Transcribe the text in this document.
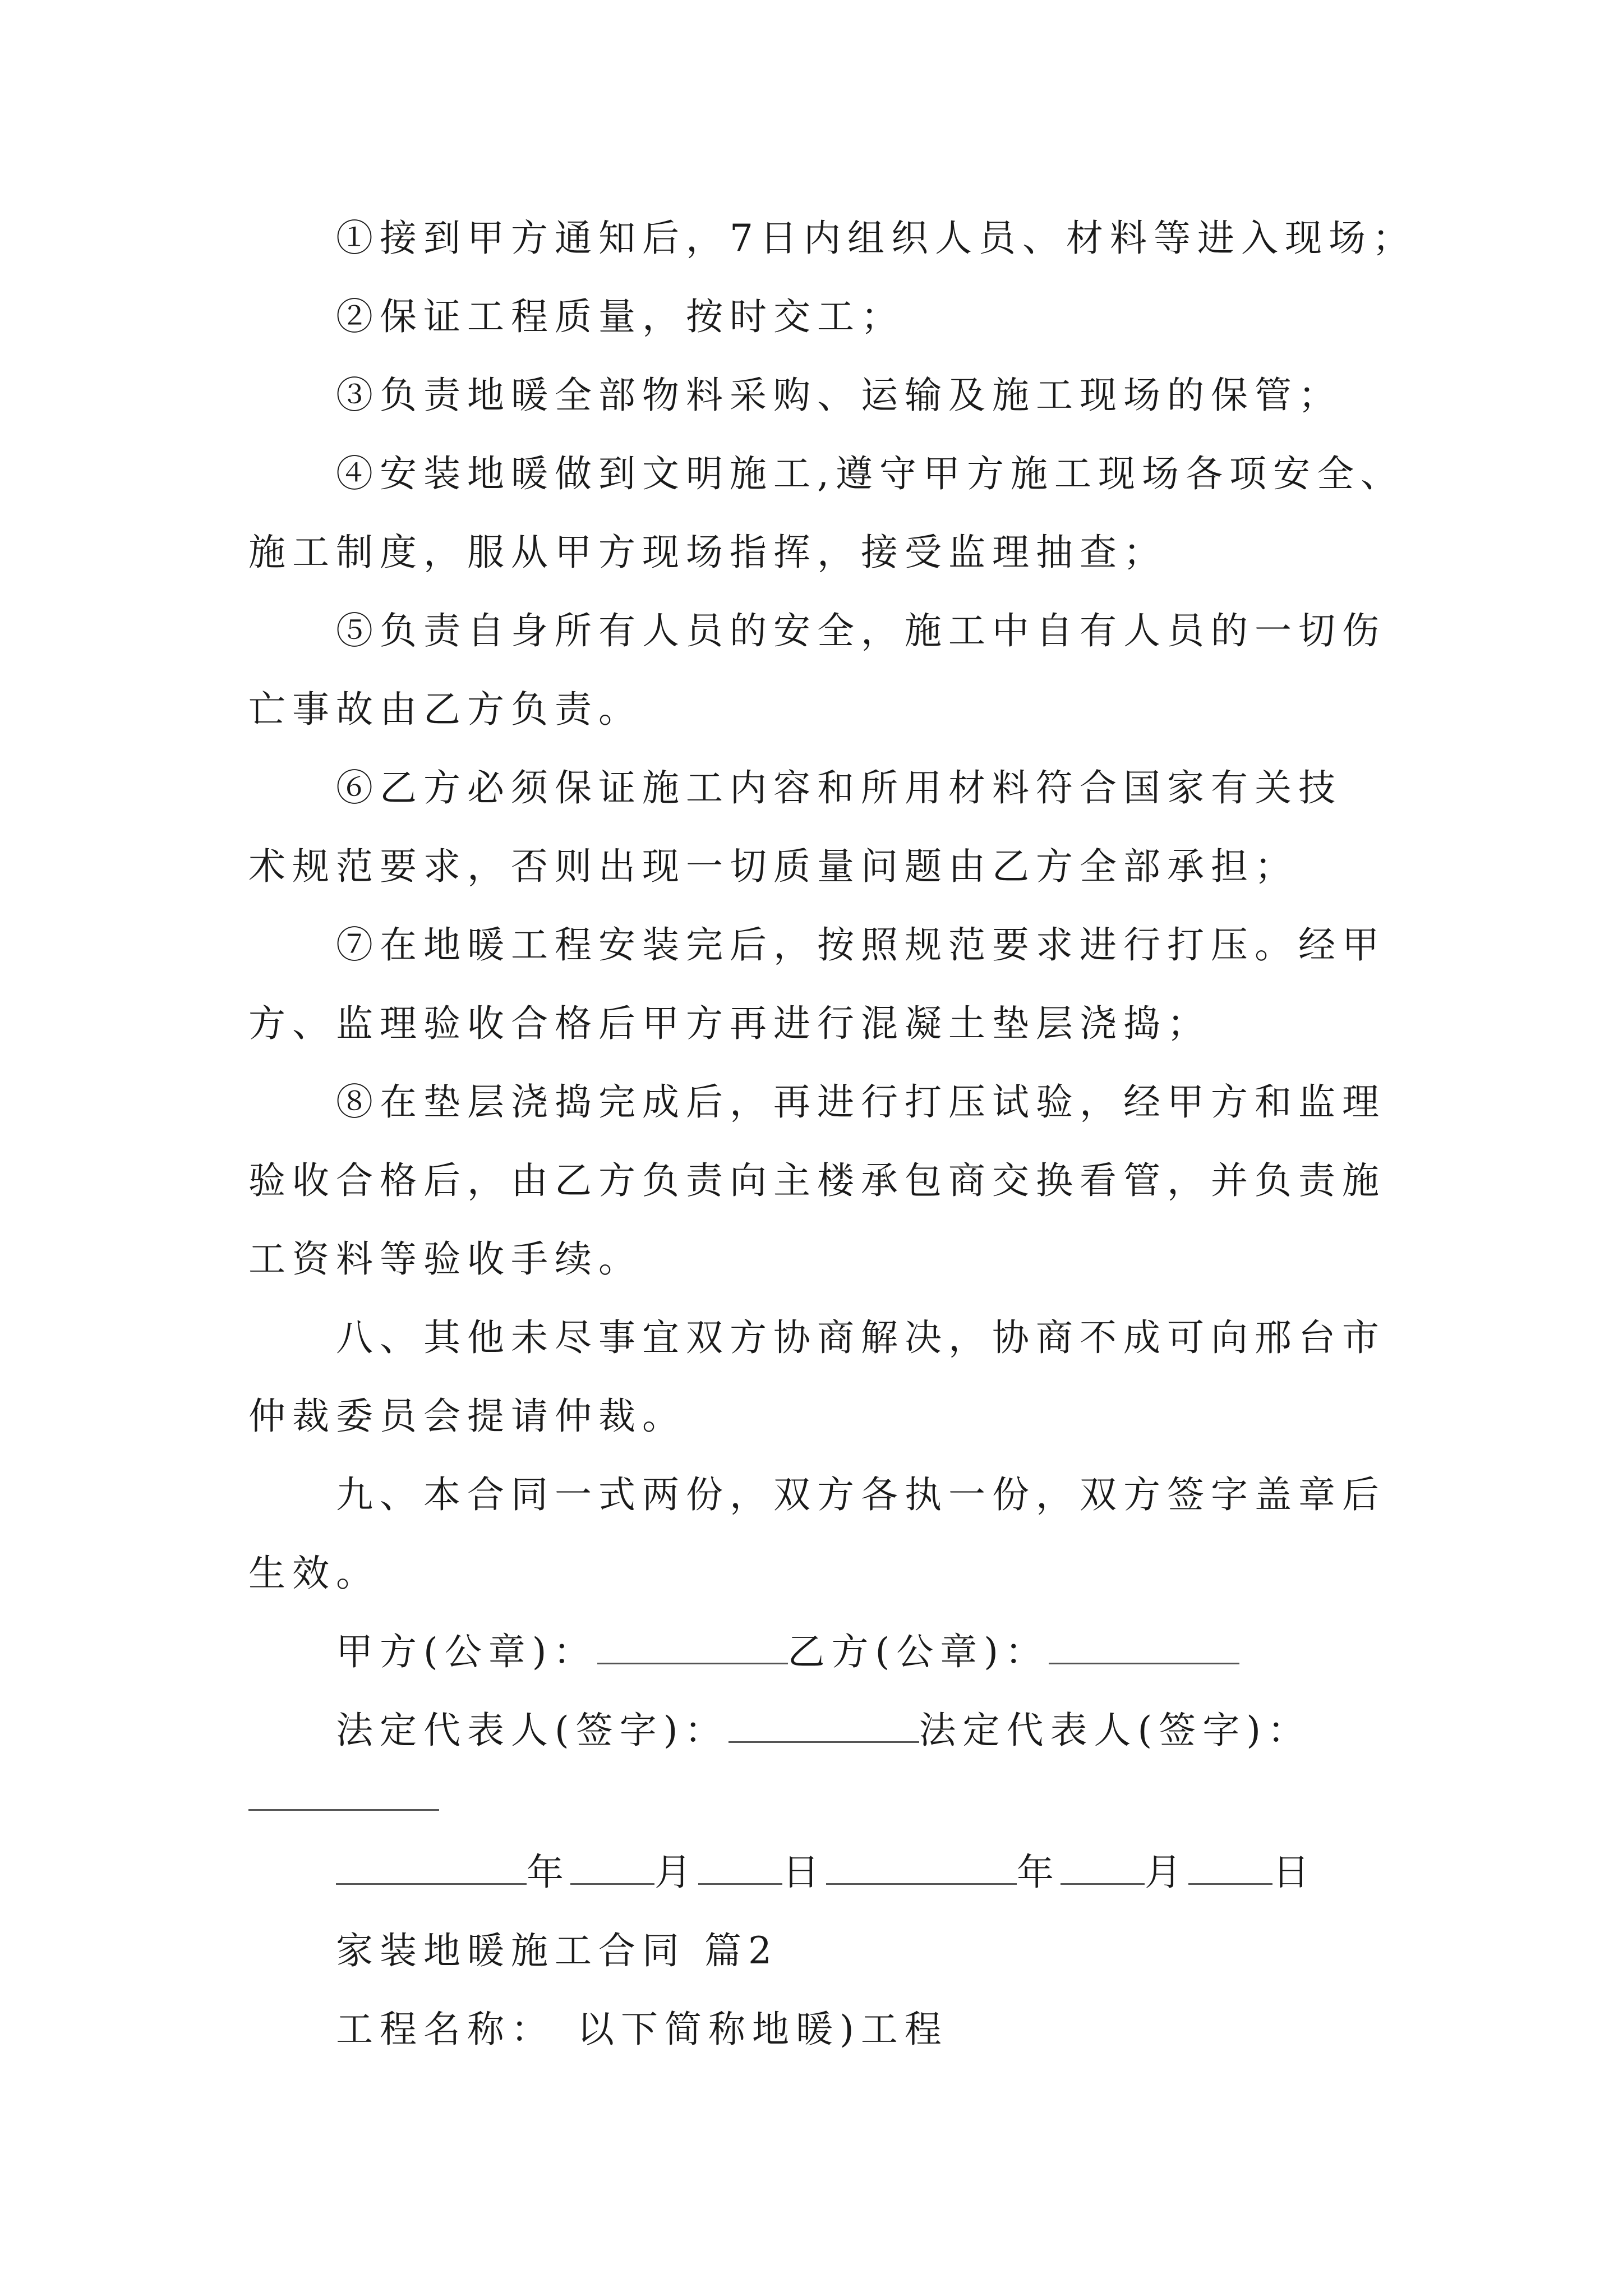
①接到甲方通知后，7日内组织人员、材料等进入现场；

②保证工程质量，按时交工；

③负责地暖全部物料采购、运输及施工现场的保管；

④安装地暖做到文明施工,遵守甲方施工现场各项安全、

施工制度，服从甲方现场指挥，接受监理抽查；

⑤负责自身所有人员的安全，施工中自有人员的一切伤

亡事故由乙方负责。

⑥乙方必须保证施工内容和所用材料符合国家有关技

术规范要求，否则出现一切质量问题由乙方全部承担；

⑦在地暖工程安装完后，按照规范要求进行打压。经甲

方、监理验收合格后甲方再进行混凝土垫层浇捣；

⑧在垫层浇捣完成后，再进行打压试验，经甲方和监理

验收合格后，由乙方负责向主楼承包商交换看管，并负责施

工资料等验收手续。

八、其他未尽事宜双方协商解决，协商不成可向邢台市

仲裁委员会提请仲裁。

九、本合同一式两份，双方各执一份，双方签字盖章后

生效。

甲方(公章)：	乙方(公章)：

法定代表人(签字)：	法定代表人(签字)：

年 月 日	年 月 日

家装地暖施工合同 篇2

工程名称： 以下简称地暖)工程
